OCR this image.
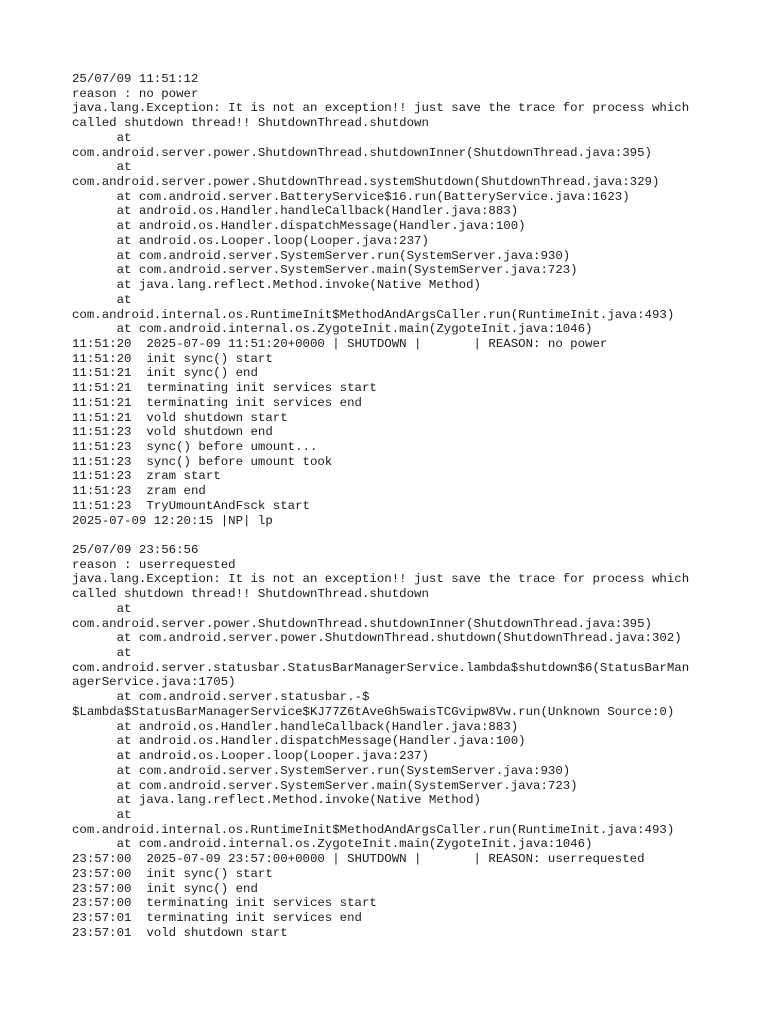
25/07/09 11:51:12
reason : no power
java.lang.Exception: It is not an exception!! just save the trace for process which
called shutdown thread!! ShutdownThread.shutdown
at
com.android.server.power.ShutdownThread.shutdownInner(ShutdownThread.java:395)
at
com.android.server.power.ShutdownThread.systemShutdown(ShutdownThread.java:329)
at com.android.server.BatteryService$16.run(BatteryService.java:1623)
at android.os.Handler.handleCallback(Handler.java:883)
at android.os.Handler.dispatchMessage(Handler.java:100)
at android.os.Looper.loop(Looper.java:237)
at com.android.server.SystemServer.run(SystemServer.java:930)
at com.android.server.SystemServer.main(SystemServer.java:723)
at java.lang.reflect.Method.invoke(Native Method)
at
com.android.internal.os.RuntimeInit$MethodAndArgsCaller.run(RuntimeInit.java:493)
at com.android.internal.os.ZygoteInit.main(ZygoteInit.java:1046)
11:51:20  2025-07-09 11:51:20+0000 | SHUTDOWN |       | REASON: no power
11:51:20  init sync() start
11:51:21  init sync() end
11:51:21  terminating init services start
11:51:21  terminating init services end
11:51:21  vold shutdown start
11:51:23  vold shutdown end
11:51:23  sync() before umount...
11:51:23  sync() before umount took
11:51:23  zram start
11:51:23  zram end
11:51:23  TryUmountAndFsck start
2025-07-09 12:20:15 |NP| lp
25/07/09 23:56:56
reason : userrequested
java.lang.Exception: It is not an exception!! just save the trace for process which
called shutdown thread!! ShutdownThread.shutdown
at
com.android.server.power.ShutdownThread.shutdownInner(ShutdownThread.java:395)
at com.android.server.power.ShutdownThread.shutdown(ShutdownThread.java:302)
at
com.android.server.statusbar.StatusBarManagerService.lambda$shutdown$6(StatusBarMan
agerService.java:1705)
at com.android.server.statusbar.-$
$Lambda$StatusBarManagerService$KJ77Z6tAveGh5waisTCGvipw8Vw.run(Unknown Source:0)
at android.os.Handler.handleCallback(Handler.java:883)
at android.os.Handler.dispatchMessage(Handler.java:100)
at android.os.Looper.loop(Looper.java:237)
at com.android.server.SystemServer.run(SystemServer.java:930)
at com.android.server.SystemServer.main(SystemServer.java:723)
at java.lang.reflect.Method.invoke(Native Method)
at
com.android.internal.os.RuntimeInit$MethodAndArgsCaller.run(RuntimeInit.java:493)
at com.android.internal.os.ZygoteInit.main(ZygoteInit.java:1046)
23:57:00  2025-07-09 23:57:00+0000 | SHUTDOWN |       | REASON: userrequested
23:57:00  init sync() start
23:57:00  init sync() end
23:57:00  terminating init services start
23:57:01  terminating init services end
23:57:01  vold shutdown start
